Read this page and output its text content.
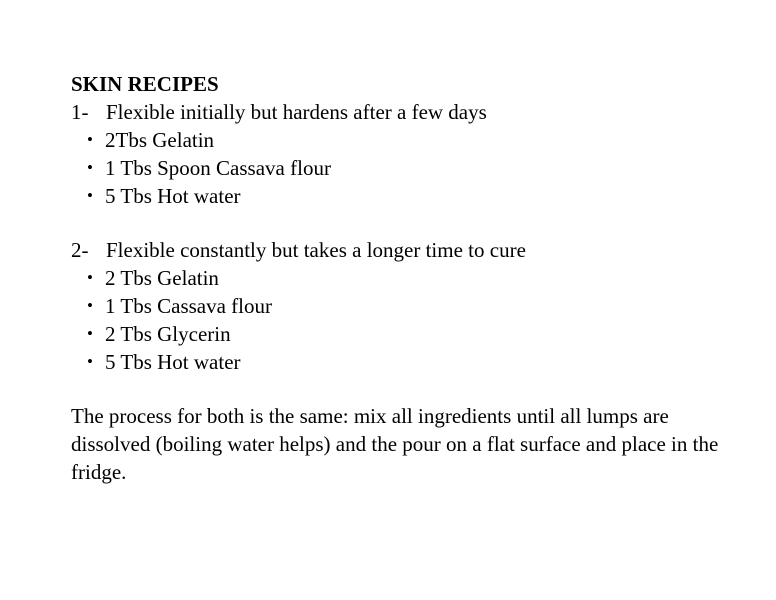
SKIN RECIPES
1- Flexible initially but hardens after a few days
• 2Tbs Gelatin
• 1 Tbs Spoon Cassava flour
• 5 Tbs Hot water
2- Flexible constantly but takes a longer time to cure
• 2 Tbs Gelatin
• 1 Tbs Cassava flour
• 2 Tbs Glycerin
• 5 Tbs Hot water

The process for both is the same: mix all ingredients until all lumps are dissolved (boiling water helps) and the pour on a flat surface and place in the fridge.
